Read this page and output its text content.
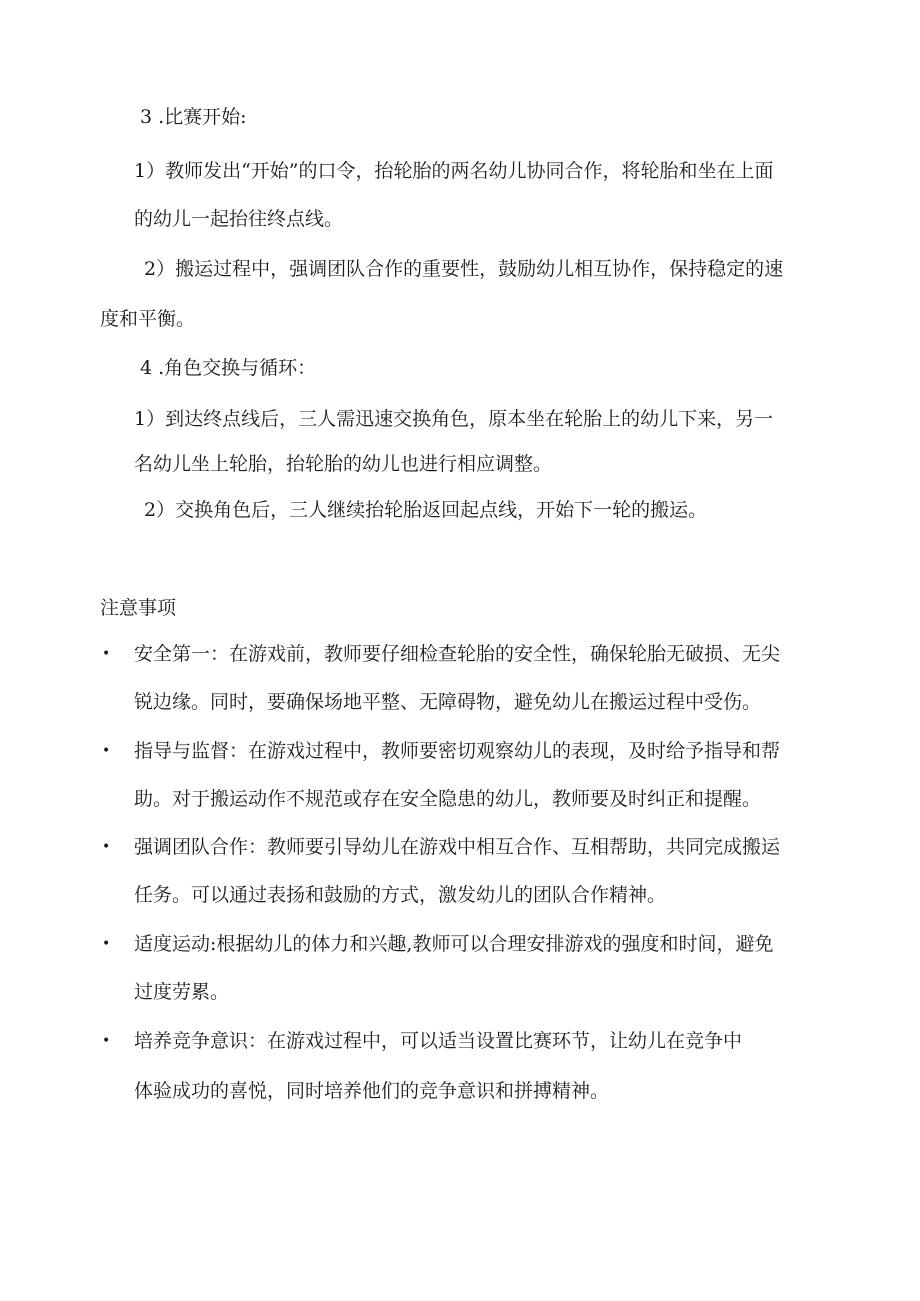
3 .比赛开始:

1）教师发出“开始”的口令，抬轮胎的两名幼儿协同合作，将轮胎和坐在上面

的幼儿一起抬往终点线。

2）搬运过程中，强调团队合作的重要性，鼓励幼儿相互协作，保持稳定的速

度和平衡。

4 .角色交换与循环：

1）到达终点线后，三人需迅速交换角色，原本坐在轮胎上的幼儿下来，另一

名幼儿坐上轮胎，抬轮胎的幼儿也进行相应调整。

2）交换角色后，三人继续抬轮胎返回起点线，开始下一轮的搬运。

注意事项

• 安全第一：在游戏前，教师要仔细检查轮胎的安全性，确保轮胎无破损、无尖

锐边缘。同时，要确保场地平整、无障碍物，避免幼儿在搬运过程中受伤。

• 指导与监督：在游戏过程中，教师要密切观察幼儿的表现，及时给予指导和帮

助。对于搬运动作不规范或存在安全隐患的幼儿，教师要及时纠正和提醒。

• 强调团队合作：教师要引导幼儿在游戏中相互合作、互相帮助，共同完成搬运

任务。可以通过表扬和鼓励的方式，激发幼儿的团队合作精神。

• 适度运动:根据幼儿的体力和兴趣,教师可以合理安排游戏的强度和时间，避免

过度劳累。

• 培养竞争意识：在游戏过程中，可以适当设置比赛环节，让幼儿在竞争中

体验成功的喜悦，同时培养他们的竞争意识和拼搏精神。
